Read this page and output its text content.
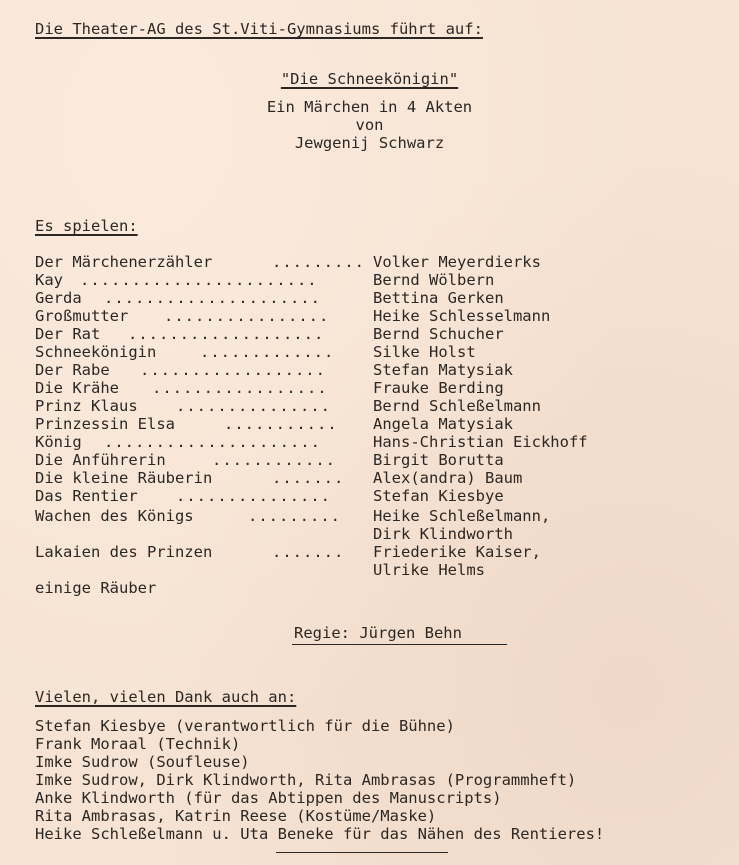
Die Theater-AG des St.Viti-Gymnasiums führt auf:
"Die Schneekönigin"
Ein Märchen in 4 Akten
von
Jewgenij Schwarz
Es spielen:
Der Märchenerzähler	......... Volker Meyerdierks
Kay .......................	Bernd Wölbern
Gerda .....................	Bettina Gerken
Großmutter ................	Heike Schlesselmann
Der Rat ...................	Bernd Schucher
Schneekönigin	............. Silke Holst
Der Rabe ..................	Stefan Matysiak
Die Krähe .................	Frauke Berding
Prinz Klaus ...............	Bernd Schleßelmann
Prinzessin Elsa	........... Angela Matysiak
König .....................	Hans-Christian Eickhoff
Die Anführerin	............ Birgit Borutta
Die kleine Räuberin	....... Alex(andra) Baum
Das Rentier ...............	Stefan Kiesbye
Wachen des Königs	......... Heike Schleßelmann,
Dirk Klindworth
Lakaien des Prinzen	....... Friederike Kaiser,
Ulrike Helms
einige Räuber
Regie: Jürgen Behn
Vielen, vielen Dank auch an:
Stefan Kiesbye (verantwortlich für die Bühne)
Frank Moraal (Technik)
Imke Sudrow (Soufleuse)
Imke Sudrow, Dirk Klindworth, Rita Ambrasas (Programmheft)
Anke Klindworth (für das Abtippen des Manuscripts)
Rita Ambrasas, Katrin Reese (Kostüme/Maske)
Heike Schleßelmann u. Uta Beneke für das Nähen des Rentieres!
